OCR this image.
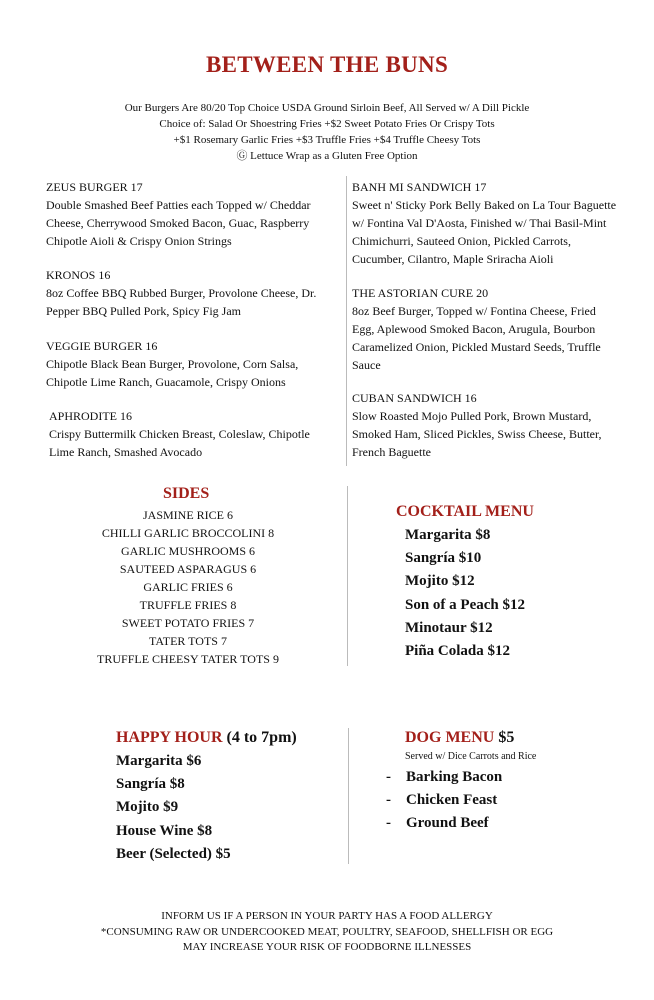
BETWEEN THE BUNS
Our Burgers Are 80/20 Top Choice USDA Ground Sirloin Beef, All Served w/ A Dill Pickle
Choice of: Salad Or Shoestring Fries +$2 Sweet Potato Fries Or Crispy Tots
+$1 Rosemary Garlic Fries +$3 Truffle Fries +$4 Truffle Cheesy Tots
Ⓖ Lettuce Wrap as a Gluten Free Option
ZEUS BURGER 17
Double Smashed Beef Patties each Topped w/ Cheddar Cheese, Cherrywood Smoked Bacon, Guac, Raspberry Chipotle Aioli & Crispy Onion Strings
KRONOS 16
8oz Coffee BBQ Rubbed Burger, Provolone Cheese, Dr. Pepper BBQ Pulled Pork, Spicy Fig Jam
VEGGIE BURGER 16
Chipotle Black Bean Burger, Provolone, Corn Salsa, Chipotle Lime Ranch, Guacamole, Crispy Onions
APHRODITE 16
Crispy Buttermilk Chicken Breast, Coleslaw, Chipotle Lime Ranch, Smashed Avocado
BANH MI SANDWICH 17
Sweet n' Sticky Pork Belly Baked on La Tour Baguette w/ Fontina Val D'Aosta, Finished w/ Thai Basil-Mint Chimichurri, Sauteed Onion, Pickled Carrots, Cucumber, Cilantro, Maple Sriracha Aioli
THE ASTORIAN CURE 20
8oz Beef Burger, Topped w/ Fontina Cheese, Fried Egg, Aplewood Smoked Bacon, Arugula, Bourbon Caramelized Onion, Pickled Mustard Seeds, Truffle Sauce
CUBAN SANDWICH 16
Slow Roasted Mojo Pulled Pork, Brown Mustard, Smoked Ham, Sliced Pickles, Swiss Cheese, Butter, French Baguette
SIDES
JASMINE RICE 6
CHILLI GARLIC BROCCOLINI 8
GARLIC MUSHROOMS 6
SAUTEED ASPARAGUS 6
GARLIC FRIES 6
TRUFFLE FRIES 8
SWEET POTATO FRIES 7
TATER TOTS 7
TRUFFLE CHEESY TATER TOTS 9
COCKTAIL MENU
Margarita $8
Sangría $10
Mojito $12
Son of a Peach $12
Minotaur $12
Piña Colada $12
HAPPY HOUR (4 to 7pm)
Margarita $6
Sangría $8
Mojito $9
House Wine $8
Beer (Selected) $5
DOG MENU $5
Served w/ Dice Carrots and Rice
- Barking Bacon
- Chicken Feast
- Ground Beef
INFORM US IF A PERSON IN YOUR PARTY HAS A FOOD ALLERGY
*CONSUMING RAW OR UNDERCOOKED MEAT, POULTRY, SEAFOOD, SHELLFISH OR EGG
MAY INCREASE YOUR RISK OF FOODBORNE ILLNESSES
